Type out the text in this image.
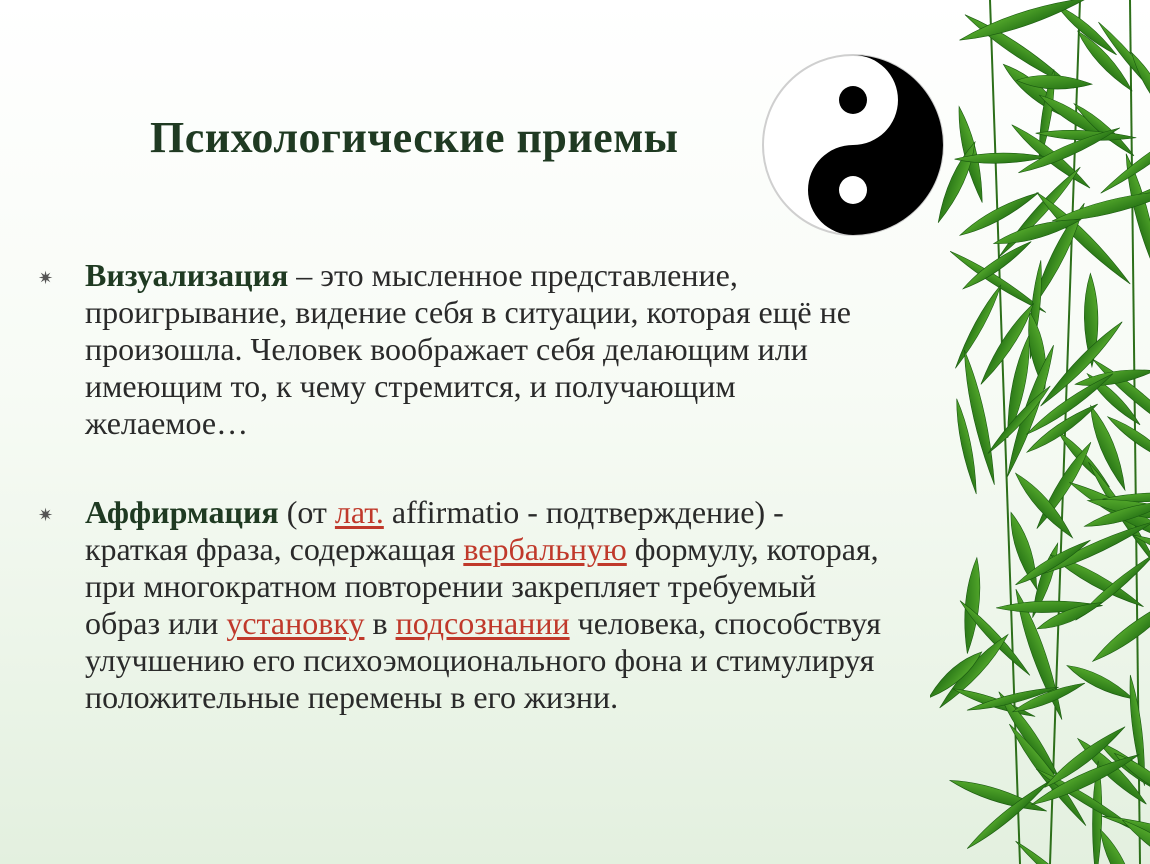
Психологические приемы
✷ Визуализация – это мысленное представление, проигрывание, видение себя в ситуации, которая ещё не произошла. Человек воображает себя делающим или имеющим то, к чему стремится, и получающим желаемое…
✷ Аффирмация (от лат. affirmatio - подтверждение) - краткая фраза, содержащая вербальную формулу, которая, при многократном повторении закрепляет требуемый образ или установку в подсознании человека, способствуя улучшению его психоэмоционального фона и стимулируя положительные перемены в его жизни.
